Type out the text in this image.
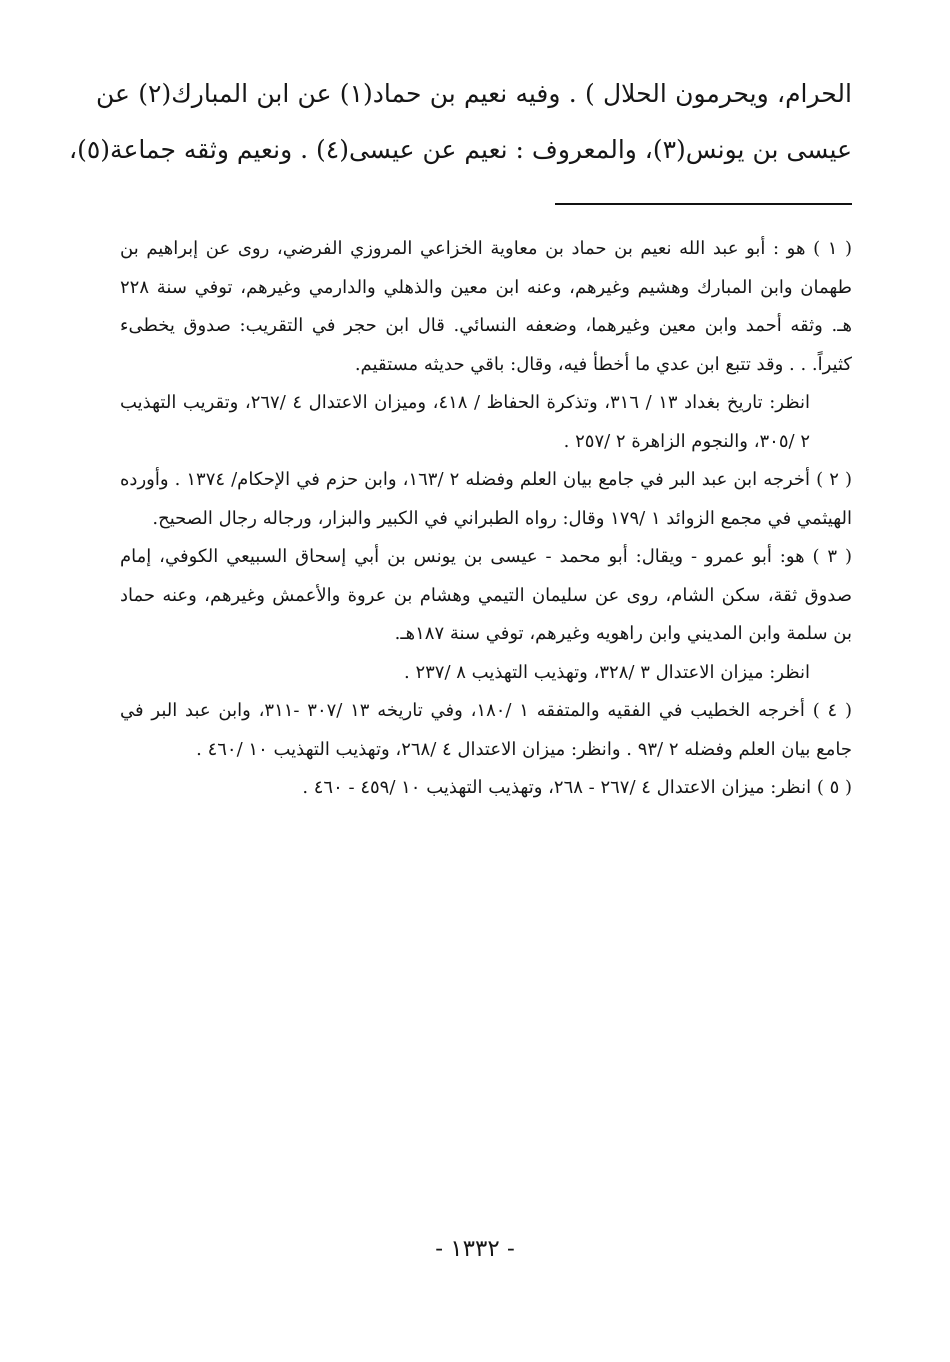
الحرام، ويحرمون الحلال ) . وفيه نعيم بن حماد(١) عن ابن المبارك(٢) عن
عيسى بن يونس(٣)، والمعروف : نعيم عن عيسى(٤) . ونعيم وثقه جماعة(٥)،

( ١ ) هو : أبو عبد الله نعيم بن حماد بن معاوية الخزاعي المروزي الفرضي، روى عن إبراهيم بن طهمان وابن المبارك وهشيم وغيرهم، وعنه ابن معين والذهلي والدارمي وغيرهم، توفي سنة ٢٢٨ هـ. وثقه أحمد وابن معين وغيرهما، وضعفه النسائي. قال ابن حجر في التقريب: صدوق يخطىء كثيراً. . . وقد تتبع ابن عدي ما أخطأ فيه، وقال: باقي حديثه مستقيم.

انظر: تاريخ بغداد ١٣ / ٣١٦، وتذكرة الحفاظ / ٤١٨، وميزان الاعتدال ٤ /٢٦٧، وتقريب التهذيب ٢ /٣٠٥، والنجوم الزاهرة ٢ /٢٥٧ .

( ٢ ) أخرجه ابن عبد البر في جامع بيان العلم وفضله ٢ /١٦٣، وابن حزم في الإحكام/ ١٣٧٤ . وأورده الهيثمي في مجمع الزوائد ١ /١٧٩ وقال: رواه الطبراني في الكبير والبزار، ورجاله رجال الصحيح.

( ٣ ) هو: أبو عمرو - ويقال: أبو محمد - عيسى بن يونس بن أبي إسحاق السبيعي الكوفي، إمام صدوق ثقة، سكن الشام، روى عن سليمان التيمي وهشام بن عروة والأعمش وغيرهم، وعنه حماد بن سلمة وابن المديني وابن راهويه وغيرهم، توفي سنة ١٨٧هـ.

انظر: ميزان الاعتدال ٣ /٣٢٨، وتهذيب التهذيب ٨ /٢٣٧ .

( ٤ ) أخرجه الخطيب في الفقيه والمتفقه ١ /١٨٠، وفي تاريخه ١٣ /٣٠٧ -٣١١، وابن عبد البر في جامع بيان العلم وفضله ٢ /٩٣ . وانظر: ميزان الاعتدال ٤ /٢٦٨، وتهذيب التهذيب ١٠ /٤٦٠ .

( ٥ ) انظر: ميزان الاعتدال ٤ /٢٦٧ - ٢٦٨، وتهذيب التهذيب ١٠ /٤٥٩ - ٤٦٠ .

- ١٣٣٢ -
